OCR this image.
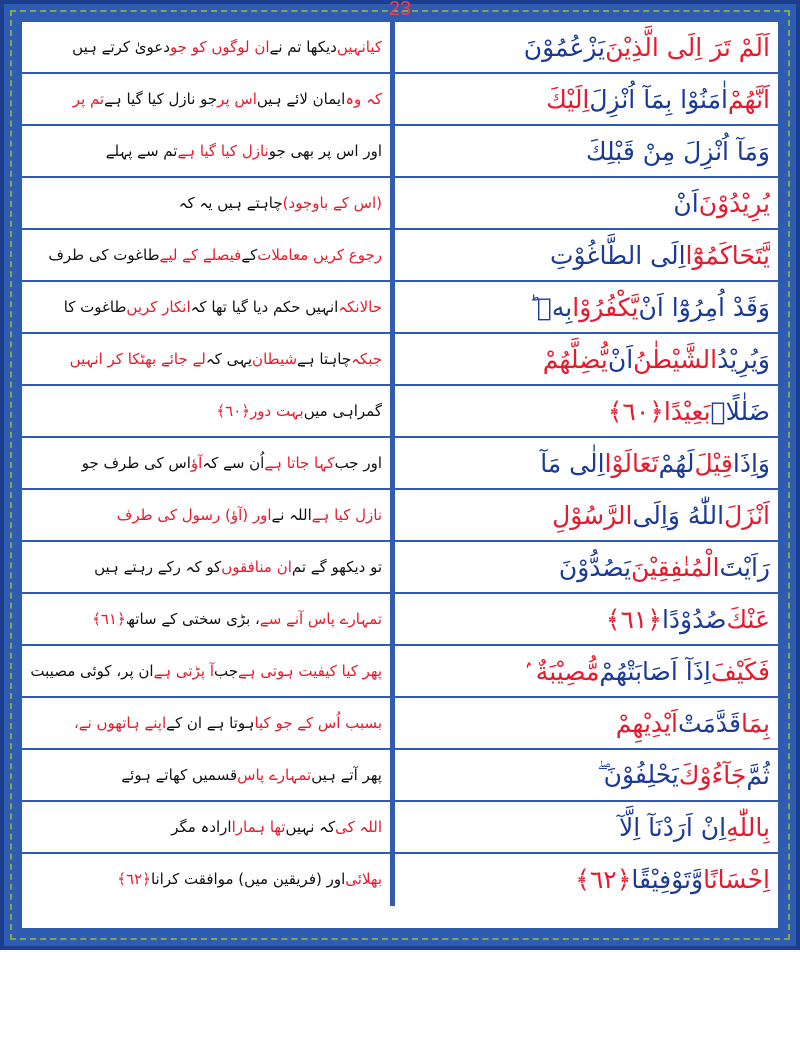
اَلَمْ تَرَ اِلَى الَّذِيْنَ
يَزْعُمُوْنَ
کیانہیں
دیکھا تم نے
ان لوگوں کو جو
دعویٰ کرتے ہیں
اَنَّهُمْ
اٰمَنُوْا بِمَآ اُنْزِلَ
اِلَيْكَ
کہ وہ
ایمان لائے ہیں
اس پر
جو نازل کیا گیا ہے
تم پر
وَمَآ اُنْزِلَ مِنْ قَبْلِكَ
اور اس پر بھی جو
نازل کیا گیا ہے
تم سے پہلے
يُرِيْدُوْنَ
اَنْ
(اس کے باوجود)
چاہتے ہیں یہ کہ
يَّتَحَاكَمُوْٓا
اِلَى الطَّاغُوْتِ
رجوع کریں معاملات
کے
فیصلے کے لیے
طاغوت کی طرف
وَقَدْ اُمِرُوْٓا اَنْ
يَّكْفُرُوْا
بِهٖ ؕ
حالانکہ
انہیں حکم دیا گیا تھا کہ
انکار کریں
طاغوت کا
وَيُرِيْدُ
الشَّيْطٰنُ
اَنْ
يُّضِلَّهُمْ
جبکہ
چاہتا ہے
شیطان
یہی کہ
لے جائے بھٹکا کر انہیں
ضَلٰلًاۢ
بَعِيْدًا
﴿٦٠﴾
گمراہی میں
بہت دور
﴿٦٠﴾
وَاِذَا
قِيْلَ
لَهُمْ
تَعَالَوْا
اِلٰى مَآ
اور جب
کہا جاتا ہے
اُن سے کہ
آؤ
اس کی طرف جو
اَنْزَلَ
اللّٰهُ وَاِلَى
الرَّسُوْلِ
نازل کیا ہے
اللہ نے
اور (آؤ) رسول کی طرف
رَاَيْتَ
الْمُنٰفِقِيْنَ
يَصُدُّوْنَ
تو دیکھو گے تم
ان منافقوں
کو کہ رکے رہتے ہیں
عَنْكَ
صُدُوْدًا
﴿٦١﴾
تمہارے پاس آنے سے
، بڑی سختی کے ساتھ
﴿٦١﴾
فَكَيْفَ
اِذَآ اَصَابَتْهُمْ
مُّصِيْبَةٌ ۢ
پھر کیا کیفیت ہوتی ہے
جب
آ پڑتی ہے
ان پر، کوئی مصیبت
بِمَا
قَدَّمَتْ
اَيْدِيْهِمْ
بسبب اُس کے جو کیا
ہوتا ہے ان کے
اپنے ہاتھوں نے،
ثُمَّ
جَآءُوْكَ
يَحْلِفُوْنَ ۖ
پھر آتے ہیں
تمہارے پاس
قسمیں کھاتے ہوئے
بِاللّٰهِ
اِنْ اَرَدْنَآ اِلَّآ
اللہ کی
کہ نہیں
تھا ہمارا
ارادہ مگر
اِحْسَانًا
وَّتَوْفِيْقًا
﴿٦٢﴾
بھلائی
اور (فریقین میں) موافقت کرانا
﴿٦٢﴾
23
